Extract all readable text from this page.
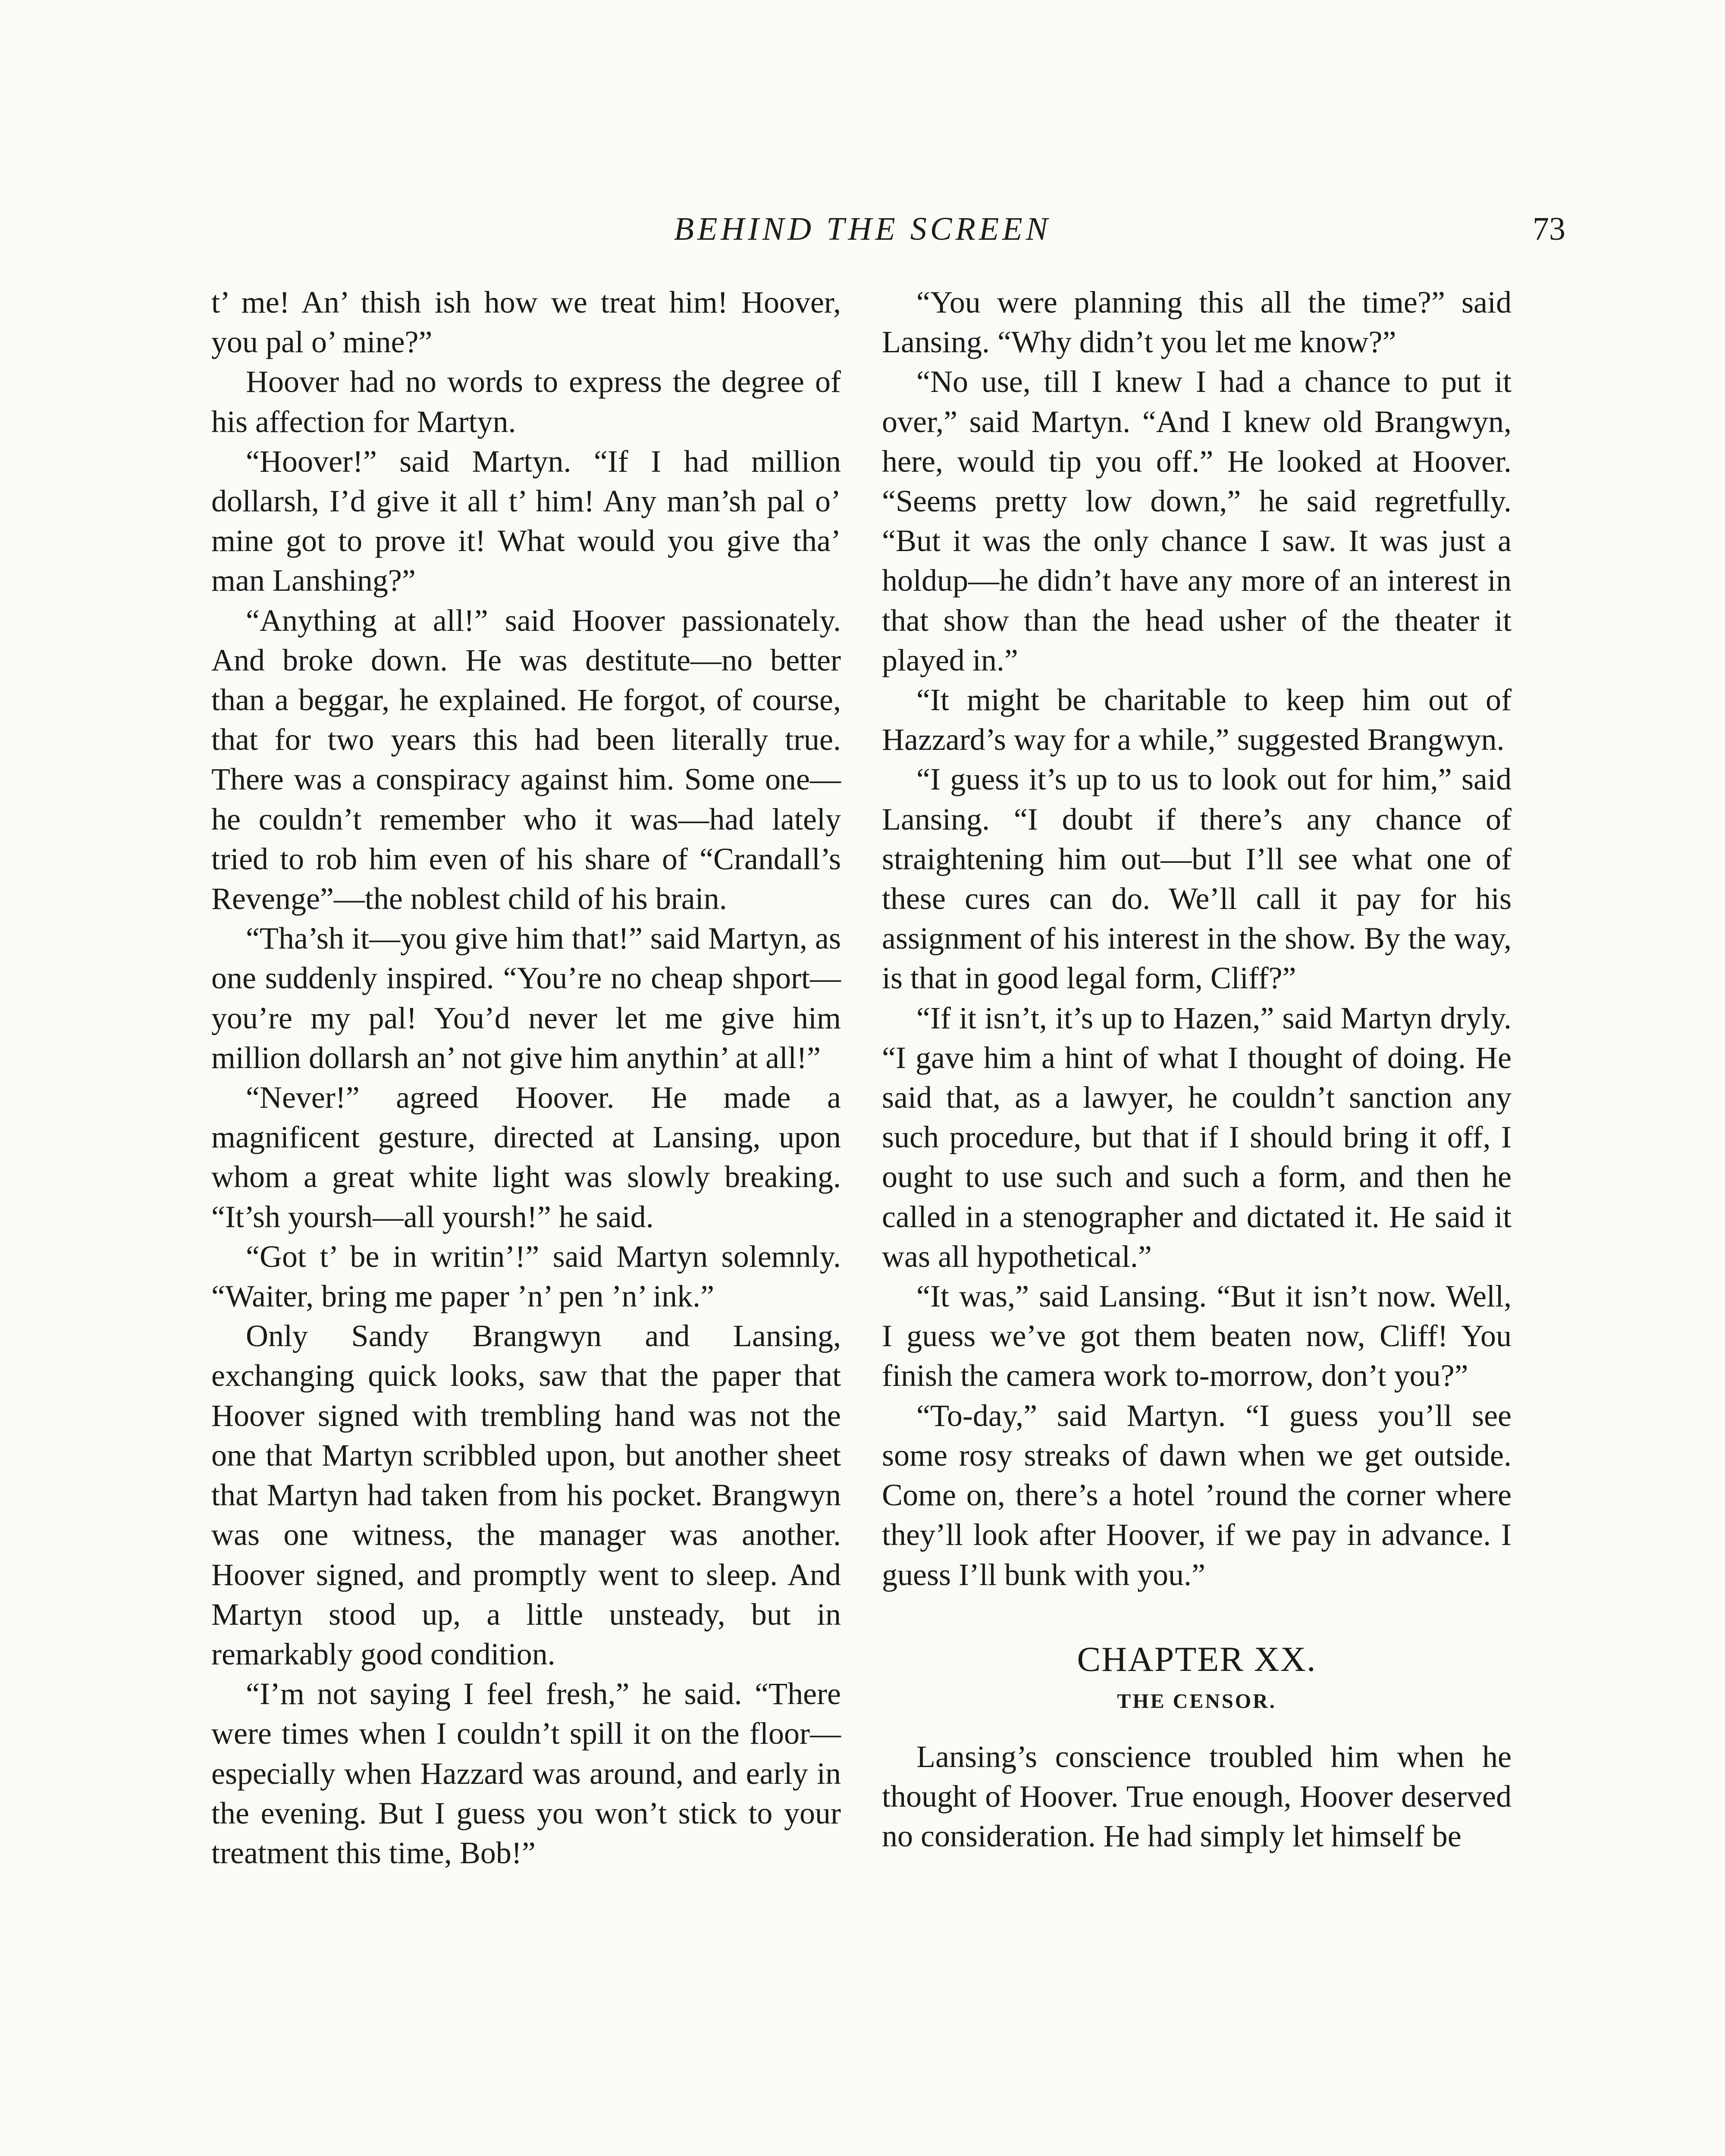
BEHIND THE SCREEN	73

t’ me! An’ thish ish how we treat him! Hoover, you pal o’ mine?”

Hoover had no words to express the degree of his affection for Martyn.

“Hoover!” said Martyn. “If I had million dollarsh, I’d give it all t’ him! Any man’sh pal o’ mine got to prove it! What would you give tha’ man Lanshing?”

“Anything at all!” said Hoover passionately. And broke down. He was destitute—no better than a beggar, he explained. He forgot, of course, that for two years this had been literally true. There was a conspiracy against him. Some one—he couldn’t remember who it was—had lately tried to rob him even of his share of “Crandall’s Revenge”—the noblest child of his brain.

“Tha’sh it—you give him that!” said Martyn, as one suddenly inspired. “You’re no cheap shport—you’re my pal! You’d never let me give him million dollarsh an’ not give him anythin’ at all!”

“Never!” agreed Hoover. He made a magnificent gesture, directed at Lansing, upon whom a great white light was slowly breaking. “It’sh yoursh—all yoursh!” he said.

“Got t’ be in writin’!” said Martyn solemnly. “Waiter, bring me paper ’n’ pen ’n’ ink.”

Only Sandy Brangwyn and Lansing, exchanging quick looks, saw that the paper that Hoover signed with trembling hand was not the one that Martyn scribbled upon, but another sheet that Martyn had taken from his pocket. Brangwyn was one witness, the manager was another. Hoover signed, and promptly went to sleep. And Martyn stood up, a little unsteady, but in remarkably good condition.

“I’m not saying I feel fresh,” he said. “There were times when I couldn’t spill it on the floor—especially when Hazzard was around, and early in the evening. But I guess you won’t stick to your treatment this time, Bob!”

“You were planning this all the time?” said Lansing. “Why didn’t you let me know?”

“No use, till I knew I had a chance to put it over,” said Martyn. “And I knew old Brangwyn, here, would tip you off.” He looked at Hoover. “Seems pretty low down,” he said regretfully. “But it was the only chance I saw. It was just a holdup—he didn’t have any more of an interest in that show than the head usher of the theater it played in.”

“It might be charitable to keep him out of Hazzard’s way for a while,” suggested Brangwyn.

“I guess it’s up to us to look out for him,” said Lansing. “I doubt if there’s any chance of straightening him out—but I’ll see what one of these cures can do. We’ll call it pay for his assignment of his interest in the show. By the way, is that in good legal form, Cliff?”

“If it isn’t, it’s up to Hazen,” said Martyn dryly. “I gave him a hint of what I thought of doing. He said that, as a lawyer, he couldn’t sanction any such procedure, but that if I should bring it off, I ought to use such and such a form, and then he called in a stenographer and dictated it. He said it was all hypothetical.”

“It was,” said Lansing. “But it isn’t now. Well, I guess we’ve got them beaten now, Cliff! You finish the camera work to-morrow, don’t you?”

“To-day,” said Martyn. “I guess you’ll see some rosy streaks of dawn when we get outside. Come on, there’s a hotel ’round the corner where they’ll look after Hoover, if we pay in advance. I guess I’ll bunk with you.”

CHAPTER XX.
THE CENSOR.

Lansing’s conscience troubled him when he thought of Hoover. True enough, Hoover deserved no consideration. He had simply let himself be
